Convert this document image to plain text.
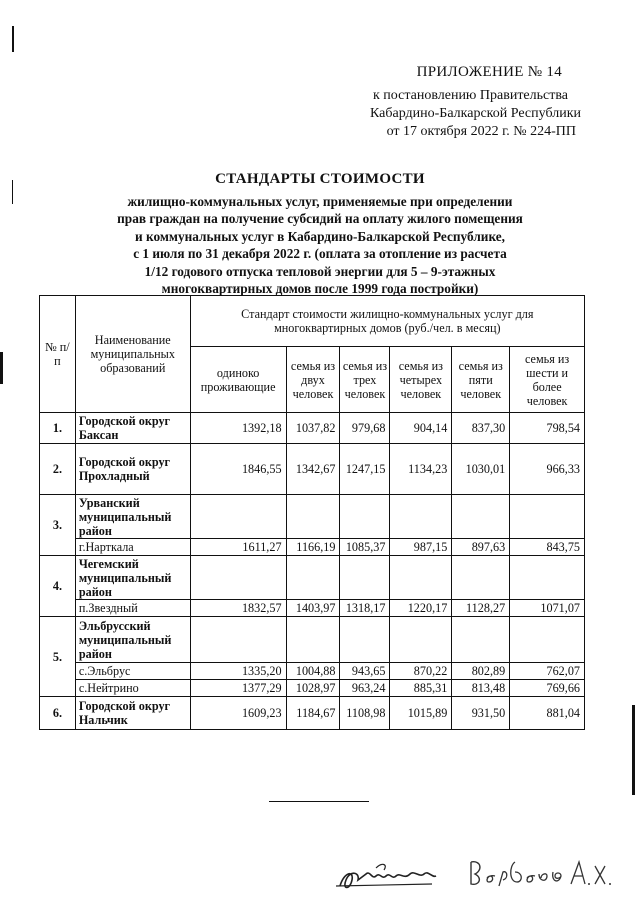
ПРИЛОЖЕНИЕ № 14
к постановлению Правительства
Кабардино-Балкарской Республики
от 17 октября 2022 г. № 224-ПП
СТАНДАРТЫ СТОИМОСТИ
жилищно-коммунальных услуг, применяемые при определении
прав граждан на получение субсидий на оплату жилого помещения
и коммунальных услуг в Кабардино-Балкарской Республике,
с 1 июля по 31 декабря 2022 г. (оплата за отопление из расчета
1/12 годового отпуска тепловой энергии для 5 – 9-этажных
многоквартирных домов после 1999 года постройки)
№ п/п	Наименование муниципальных образований	Стандарт стоимости жилищно-коммунальных услуг для многоквартирных домов (руб./чел. в месяц)					
		одиноко проживающие	семья из двух человек	семья из трех человек	семья из четырех человек	семья из пяти человек	семья из шести и более человек
1.	Городской округ Баксан	1392,18	1037,82	979,68	904,14	837,30	798,54
2.	Городской округ Прохладный	1846,55	1342,67	1247,15	1134,23	1030,01	966,33
3.	Урванский муниципальный район						
	г.Нарткала	1611,27	1166,19	1085,37	987,15	897,63	843,75
4.	Чегемский муниципальный район						
	п.Звездный	1832,57	1403,97	1318,17	1220,17	1128,27	1071,07
5.	Эльбрусский муниципальный район						
	с.Эльбрус	1335,20	1004,88	943,65	870,22	802,89	762,07
	с.Нейтрино	1377,29	1028,97	963,24	885,31	813,48	769,66
6.	Городской округ Нальчик	1609,23	1184,67	1108,98	1015,89	931,50	881,04
